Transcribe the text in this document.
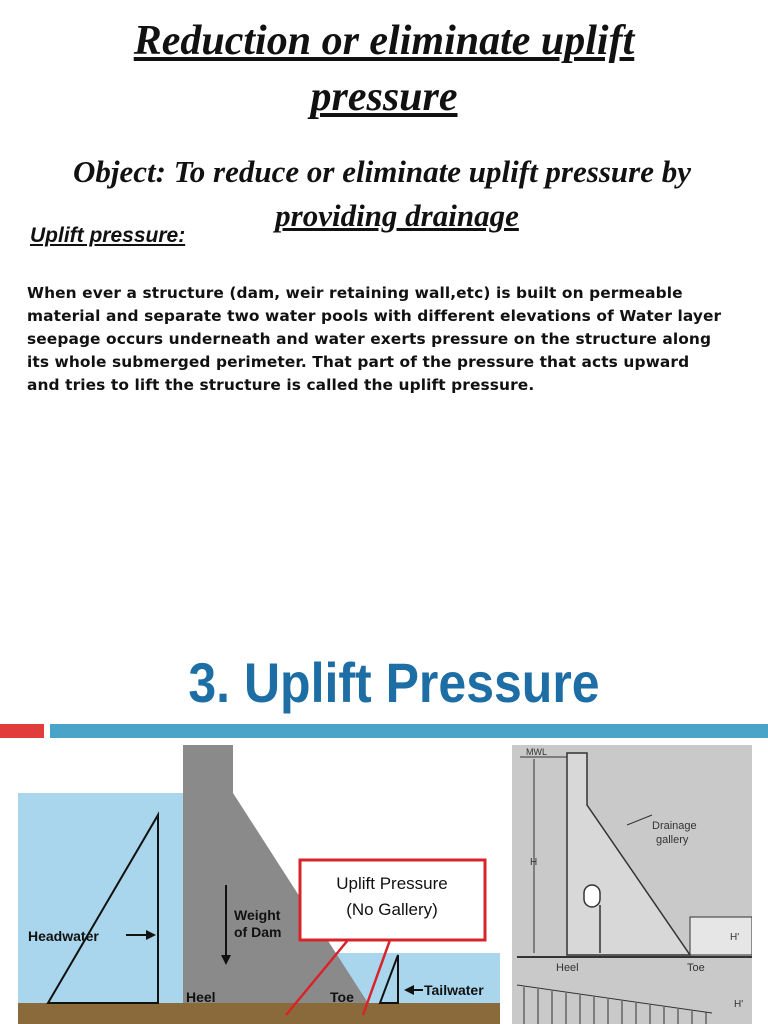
Reduction or eliminate uplift
pressure
Object: To reduce or eliminate uplift pressure by
providing drainage
Uplift pressure:

When ever a structure (dam, weir retaining wall,etc) is built on permeable material and separate two water pools with different elevations of Water layer seepage occurs underneath and water exerts pressure on the structure along its whole submerged perimeter. That part of the pressure that acts upward and tries to lift the structure is called the uplift pressure.

3. Uplift Pressure
Headwater
Weight
of Dam
Uplift Pressure
(No Gallery)
Tailwater
Heel	Toe
MWL
H
Drainage
gallery
H'
Heel	Toe
H'
